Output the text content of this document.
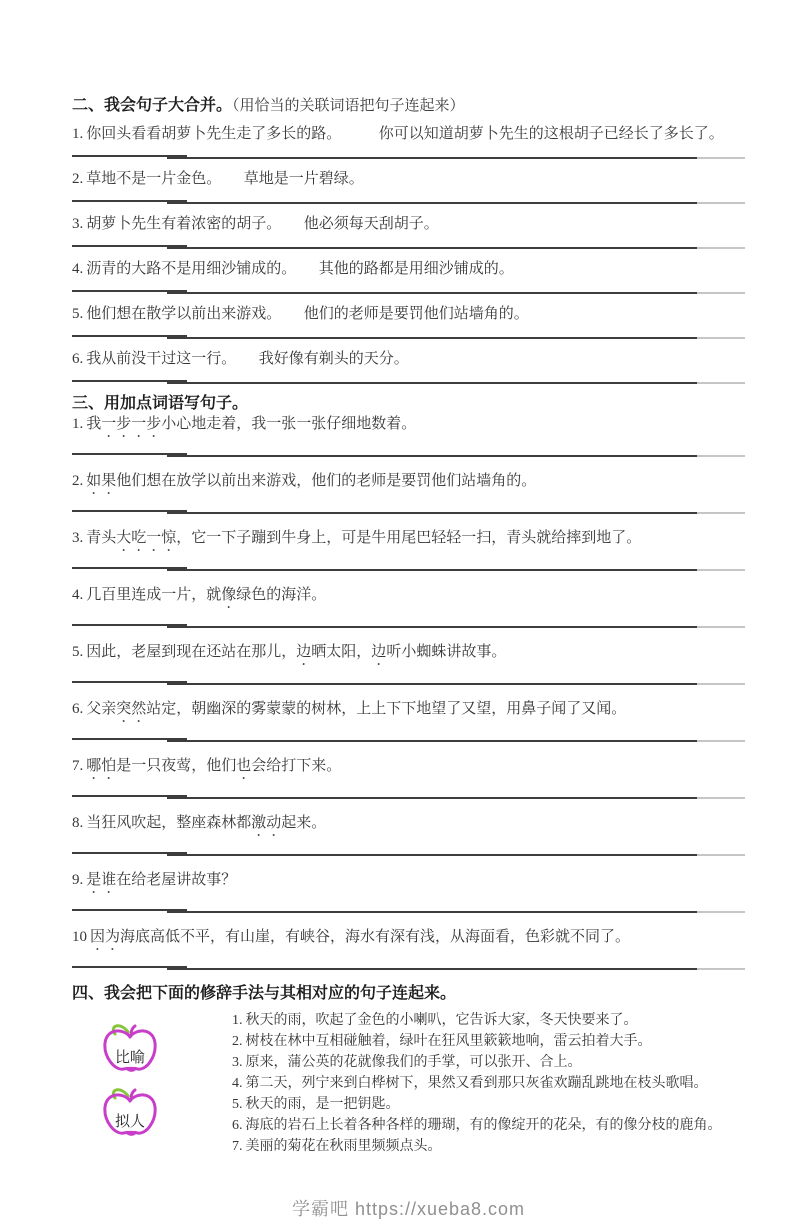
二、我会句子大合并。（用恰当的关联词语把句子连起来）

1. 你回头看看胡萝卜先生走了多长的路。　　　你可以知道胡萝卜先生的这根胡子已经长了多长了。

2. 草地不是一片金色。　　草地是一片碧绿。

3. 胡萝卜先生有着浓密的胡子。　　他必须每天刮胡子。

4. 沥青的大路不是用细沙铺成的。　　其他的路都是用细沙铺成的。

5. 他们想在散学以前出来游戏。　　他们的老师是要罚他们站墙角的。

6. 我从前没干过这一行。　　我好像有剃头的天分。

三、用加点词语写句子。

1. 我一步一步小心地走着，我一张一张仔细地数着。

2. 如果他们想在放学以前出来游戏，他们的老师是要罚他们站墙角的。

3. 青头大吃一惊，它一下子蹦到牛身上，可是牛用尾巴轻轻一扫，青头就给摔到地了。

4. 几百里连成一片，就像绿色的海洋。

5. 因此，老屋到现在还站在那儿，边晒太阳，边听小蜘蛛讲故事。

6. 父亲突然站定，朝幽深的雾蒙蒙的树林，上上下下地望了又望，用鼻子闻了又闻。

7. 哪怕是一只夜莺，他们也会给打下来。

8. 当狂风吹起，整座森林都激动起来。

9. 是谁在给老屋讲故事？

10 因为海底高低不平，有山崖，有峡谷，海水有深有浅，从海面看，色彩就不同了。

四、我会把下面的修辞手法与其相对应的句子连起来。

比喻
拟人

1. 秋天的雨，吹起了金色的小喇叭，它告诉大家，冬天快要来了。

2. 树枝在林中互相碰触着，绿叶在狂风里簌簌地响，雷云拍着大手。

3. 原来，蒲公英的花就像我们的手掌，可以张开、合上。

4. 第二天，列宁来到白桦树下，果然又看到那只灰雀欢蹦乱跳地在枝头歌唱。

5. 秋天的雨，是一把钥匙。

6. 海底的岩石上长着各种各样的珊瑚，有的像绽开的花朵，有的像分枝的鹿角。

7. 美丽的菊花在秋雨里频频点头。

学霸吧 https://xueba8.com
